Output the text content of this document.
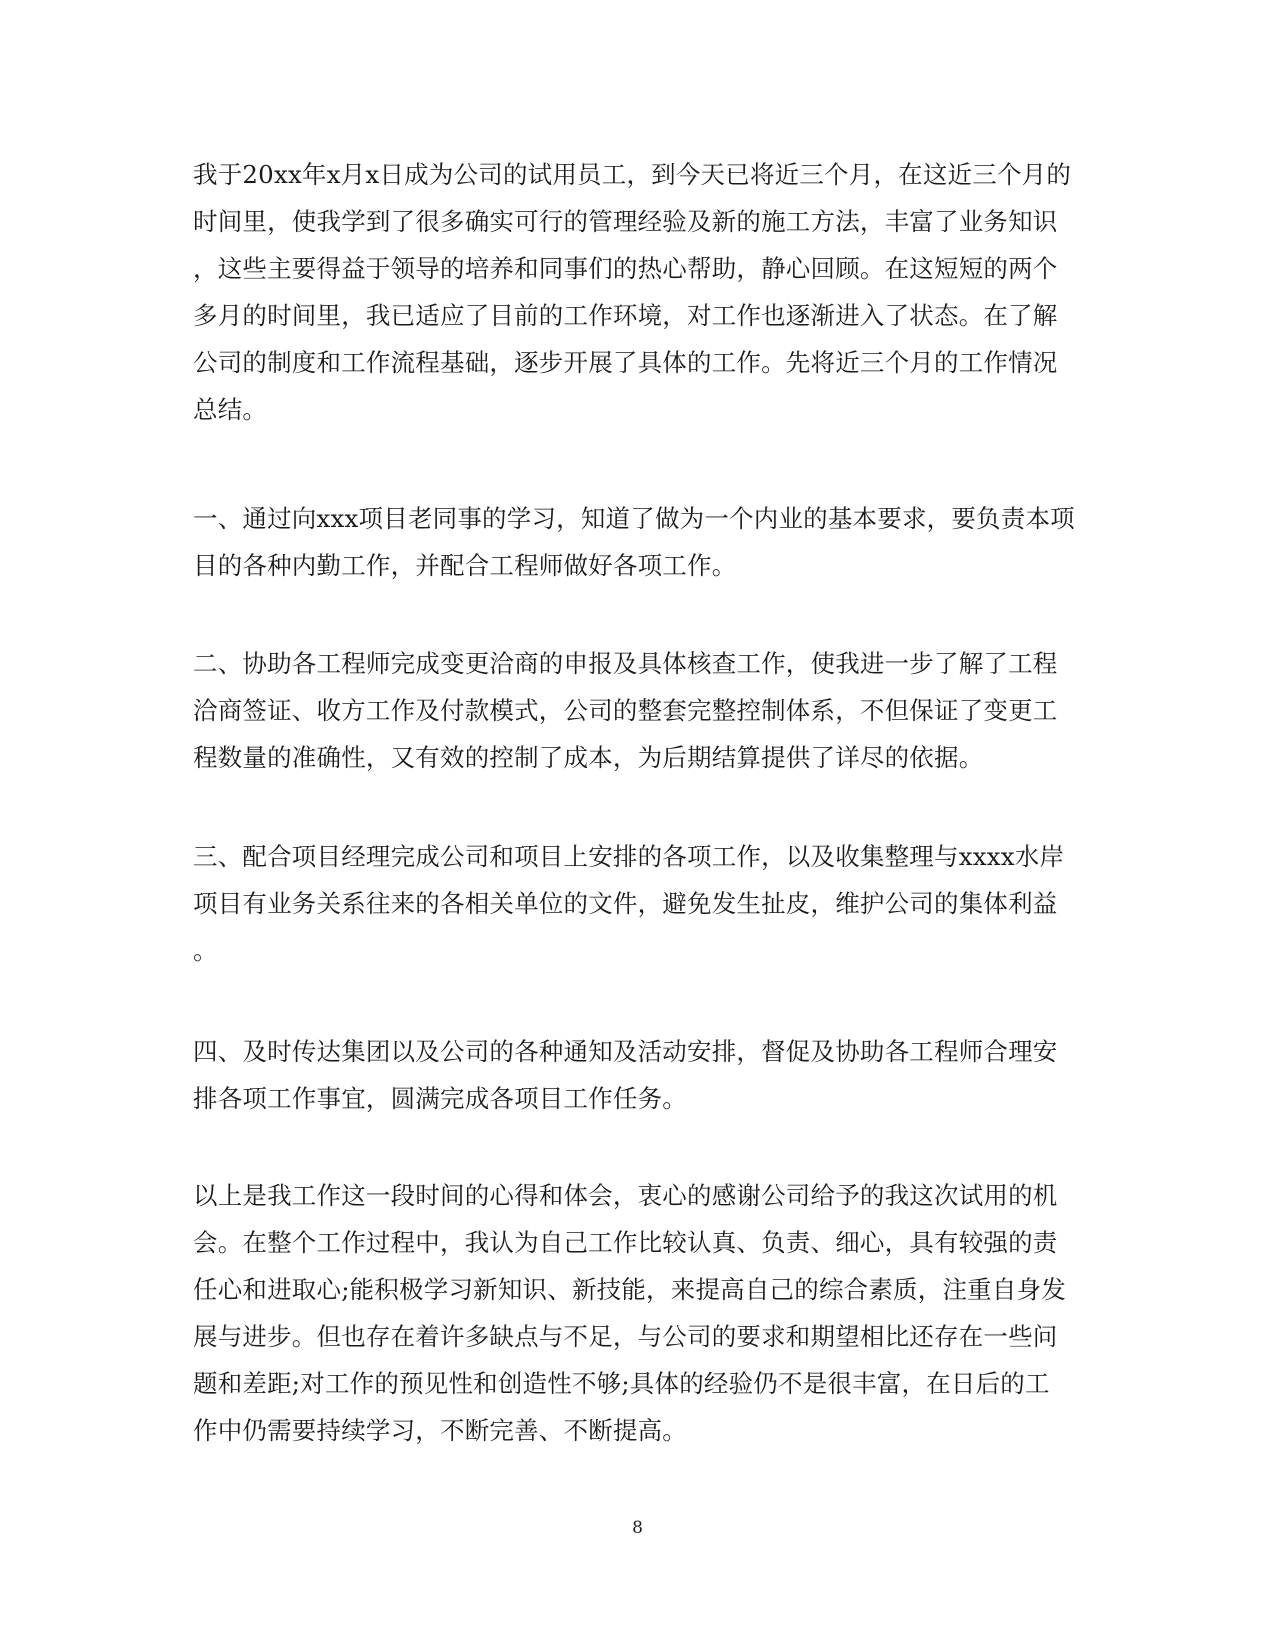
我于20xx年x月x日成为公司的试用员工，到今天已将近三个月，在这近三个月的
时间里，使我学到了很多确实可行的管理经验及新的施工方法，丰富了业务知识
，这些主要得益于领导的培养和同事们的热心帮助，静心回顾。在这短短的两个
多月的时间里，我已适应了目前的工作环境，对工作也逐渐进入了状态。在了解
公司的制度和工作流程基础，逐步开展了具体的工作。先将近三个月的工作情况
总结。

一、通过向xxx项目老同事的学习，知道了做为一个内业的基本要求，要负责本项
目的各种内勤工作，并配合工程师做好各项工作。

二、协助各工程师完成变更洽商的申报及具体核查工作，使我进一步了解了工程
洽商签证、收方工作及付款模式，公司的整套完整控制体系，不但保证了变更工
程数量的准确性，又有效的控制了成本，为后期结算提供了详尽的依据。

三、配合项目经理完成公司和项目上安排的各项工作，以及收集整理与xxxx水岸
项目有业务关系往来的各相关单位的文件，避免发生扯皮，维护公司的集体利益
。

四、及时传达集团以及公司的各种通知及活动安排，督促及协助各工程师合理安
排各项工作事宜，圆满完成各项目工作任务。

以上是我工作这一段时间的心得和体会，衷心的感谢公司给予的我这次试用的机
会。在整个工作过程中，我认为自己工作比较认真、负责、细心，具有较强的责
任心和进取心;能积极学习新知识、新技能，来提高自己的综合素质，注重自身发
展与进步。但也存在着许多缺点与不足，与公司的要求和期望相比还存在一些问
题和差距;对工作的预见性和创造性不够;具体的经验仍不是很丰富，在日后的工
作中仍需要持续学习，不断完善、不断提高。

8
